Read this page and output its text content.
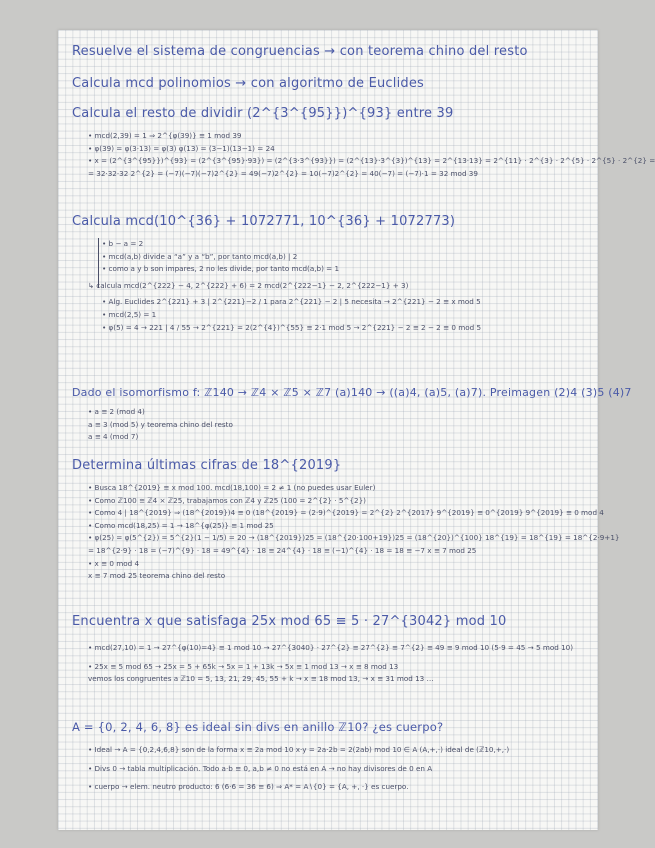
Resuelve el sistema de congruencias → con teorema chino del resto
Calcula mcd polinomios → con algoritmo de Euclides
Calcula el resto de dividir (2^{3^{95}})^{93} entre 39
• mcd(2,39) = 1 ⇒ 2^{φ(39)} ≡ 1 mod 39
• φ(39) = φ(3·13) = φ(3) φ(13) = (3−1)(13−1) = 24
• x = (2^{3^{95}})^{93} = (2^{3^{95}·93}) = (2^{3·3^{93}}) = (2^{13}·3^{3})^{13} = 2^{13·13} = 2^{11} · 2^{3} · 2^{5} · 2^{5} · 2^{2} =
= 32·32·32 2^{2} = (−7)(−7)(−7)2^{2} = 49(−7)2^{2} = 10(−7)2^{2} = 40(−7) = (−7)·1 = 32 mod 39
Calcula mcd(10^{36} + 1072771, 10^{36} + 1072773)
• b − a = 2
• mcd(a,b) divide a “a” y a “b”, por tanto mcd(a,b) | 2
• como a y b son impares, 2 no les divide, por tanto mcd(a,b) = 1
↳ calcula mcd(2^{222} − 4, 2^{222} + 6) = 2 mcd(2^{222−1} − 2, 2^{222−1} + 3)
• Alg. Euclides 2^{221} + 3 | 2^{221}−2 / 1 para 2^{221} − 2 | 5 necesita → 2^{221} − 2 ≡ x mod 5
• mcd(2,5) = 1
• φ(5) = 4 → 221 | 4 / 55 → 2^{221} = 2(2^{4})^{55} ≡ 2·1 mod 5 → 2^{221} − 2 ≡ 2 − 2 ≡ 0 mod 5
Dado el isomorfismo f: ℤ140 → ℤ4 × ℤ5 × ℤ7 (a)140 → ((a)4, (a)5, (a)7). Preimagen (2)4 (3)5 (4)7
• a ≡ 2 (mod 4)
a ≡ 3 (mod 5) y teorema chino del resto
a ≡ 4 (mod 7)
Determina últimas cifras de 18^{2019}
• Busca 18^{2019} ≡ x mod 100. mcd(18,100) = 2 ≠ 1 (no puedes usar Euler)
• Como ℤ100 ≅ ℤ4 × ℤ25, trabajamos con ℤ4 y ℤ25 (100 = 2^{2} · 5^{2})
• Como 4 | 18^{2019} ⇒ (18^{2019})4 ≡ 0 (18^{2019} = (2·9)^{2019} = 2^{2} 2^{2017} 9^{2019} ≡ 0^{2019} 9^{2019} ≡ 0 mod 4
• Como mcd(18,25) = 1 → 18^{φ(25)} ≡ 1 mod 25
• φ(25) = φ(5^{2}) = 5^{2}(1 − 1/5) = 20 → (18^{2019})25 = (18^{20·100+19})25 = (18^{20})^{100} 18^{19} = 18^{19} = 18^{2·9+1}
= 18^{2·9} · 18 = (−7)^{9} · 18 = 49^{4} · 18 ≡ 24^{4} · 18 ≡ (−1)^{4} · 18 = 18 ≡ −7 x ≡ 7 mod 25
• x ≡ 0 mod 4
x ≡ 7 mod 25 teorema chino del resto
Encuentra x que satisfaga 25x mod 65 ≡ 5 · 27^{3042} mod 10
• mcd(27,10) = 1 → 27^{φ(10)=4} ≡ 1 mod 10 → 27^{3040} · 27^{2} ≡ 27^{2} ≡ 7^{2} ≡ 49 ≡ 9 mod 10 (5·9 = 45 → 5 mod 10)
• 25x ≡ 5 mod 65 → 25x = 5 + 65k → 5x = 1 + 13k → 5x ≡ 1 mod 13 → x ≡ 8 mod 13
vemos los congruentes a ℤ10 = 5, 13, 21, 29, 45, 55 + k → x ≡ 18 mod 13, → x ≡ 31 mod 13 …
A = {0, 2, 4, 6, 8} es ideal sin divs en anillo ℤ10? ¿es cuerpo?
• Ideal → A = {0,2,4,6,8} son de la forma x ≡ 2a mod 10 x·y = 2a·2b = 2(2ab) mod 10 ∈ A (A,+,·) ideal de (ℤ10,+,·)
• Divs 0 → tabla multiplicación. Todo a·b ≡ 0, a,b ≠ 0 no está en A → no hay divisores de 0 en A
• cuerpo → elem. neutro producto: 6 (6·6 = 36 ≡ 6) ⇒ A* = A∖{0} = {A, +, ·} es cuerpo.
